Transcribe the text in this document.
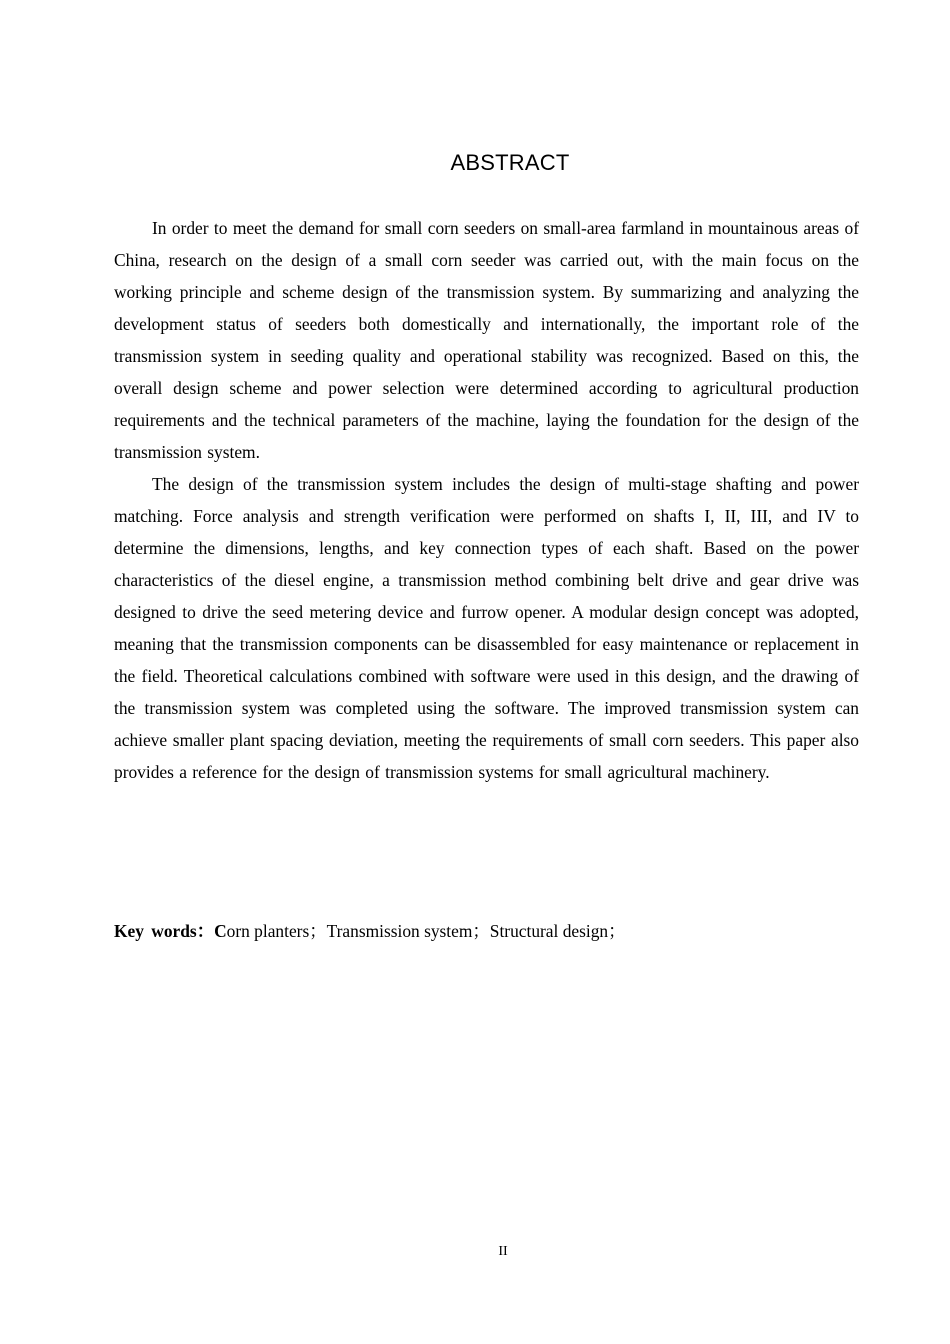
ABSTRACT

In order to meet the demand for small corn seeders on small-area farmland in mountainous areas of China, research on the design of a small corn seeder was carried out, with the main focus on the working principle and scheme design of the transmission system. By summarizing and analyzing the development status of seeders both domestically and internationally, the important role of the transmission system in seeding quality and operational stability was recognized. Based on this, the overall design scheme and power selection were determined according to agricultural production requirements and the technical parameters of the machine, laying the foundation for the design of the transmission system.

The design of the transmission system includes the design of multi-stage shafting and power matching. Force analysis and strength verification were performed on shafts I, II, III, and IV to determine the dimensions, lengths, and key connection types of each shaft. Based on the power characteristics of the diesel engine, a transmission method combining belt drive and gear drive was designed to drive the seed metering device and furrow opener. A modular design concept was adopted, meaning that the transmission components can be disassembled for easy maintenance or replacement in the field. Theoretical calculations combined with software were used in this design, and the drawing of the transmission system was completed using the software. The improved transmission system can achieve smaller plant spacing deviation, meeting the requirements of small corn seeders. This paper also provides a reference for the design of transmission systems for small agricultural machinery.

Key words：Corn planters；Transmission system；Structural design；
II
